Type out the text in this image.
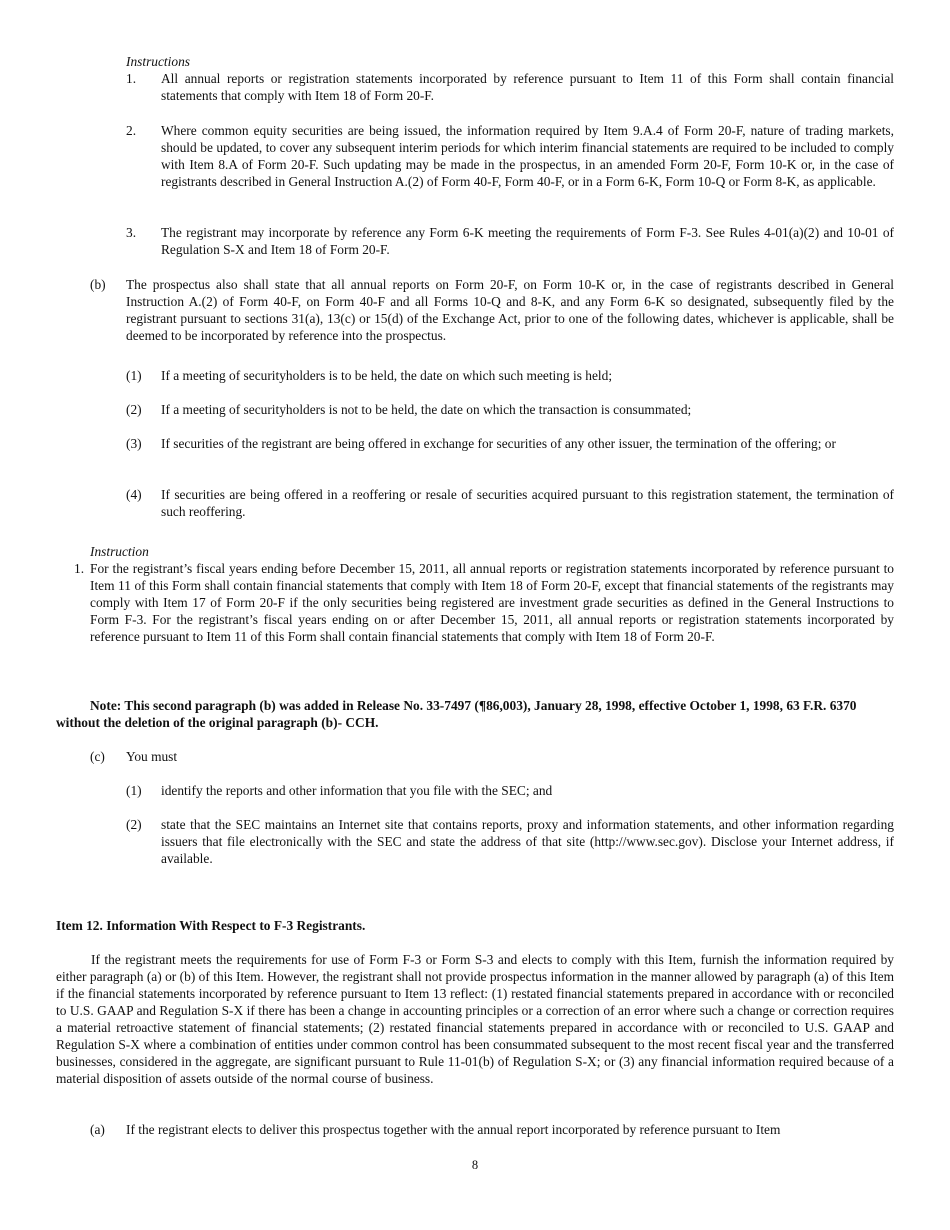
Instructions
1. All annual reports or registration statements incorporated by reference pursuant to Item 11 of this Form shall contain financial statements that comply with Item 18 of Form 20-F.
2. Where common equity securities are being issued, the information required by Item 9.A.4 of Form 20-F, nature of trading markets, should be updated, to cover any subsequent interim periods for which interim financial statements are required to be included to comply with Item 8.A of Form 20-F. Such updating may be made in the prospectus, in an amended Form 20-F, Form 10-K or, in the case of registrants described in General Instruction A.(2) of Form 40-F, Form 40-F, or in a Form 6-K, Form 10-Q or Form 8-K, as applicable.
3. The registrant may incorporate by reference any Form 6-K meeting the requirements of Form F-3. See Rules 4-01(a)(2) and 10-01 of Regulation S-X and Item 18 of Form 20-F.
(b) The prospectus also shall state that all annual reports on Form 20-F, on Form 10-K or, in the case of registrants described in General Instruction A.(2) of Form 40-F, on Form 40-F and all Forms 10-Q and 8-K, and any Form 6-K so designated, subsequently filed by the registrant pursuant to sections 31(a), 13(c) or 15(d) of the Exchange Act, prior to one of the following dates, whichever is applicable, shall be deemed to be incorporated by reference into the prospectus.
(1) If a meeting of securityholders is to be held, the date on which such meeting is held;
(2) If a meeting of securityholders is not to be held, the date on which the transaction is consummated;
(3) If securities of the registrant are being offered in exchange for securities of any other issuer, the termination of the offering; or
(4) If securities are being offered in a reoffering or resale of securities acquired pursuant to this registration statement, the termination of such reoffering.
Instruction
1. For the registrant’s fiscal years ending before December 15, 2011, all annual reports or registration statements incorporated by reference pursuant to Item 11 of this Form shall contain financial statements that comply with Item 18 of Form 20-F, except that financial statements of the registrants may comply with Item 17 of Form 20-F if the only securities being registered are investment grade securities as defined in the General Instructions to Form F-3. For the registrant’s fiscal years ending on or after December 15, 2011, all annual reports or registration statements incorporated by reference pursuant to Item 11 of this Form shall contain financial statements that comply with Item 18 of Form 20-F.
Note: This second paragraph (b) was added in Release No. 33-7497 (¶86,003), January 28, 1998, effective October 1, 1998, 63 F.R. 6370 without the deletion of the original paragraph (b)- CCH.
(c) You must
(1) identify the reports and other information that you file with the SEC; and
(2) state that the SEC maintains an Internet site that contains reports, proxy and information statements, and other information regarding issuers that file electronically with the SEC and state the address of that site (http://www.sec.gov). Disclose your Internet address, if available.
Item 12. Information With Respect to F-3 Registrants.
If the registrant meets the requirements for use of Form F-3 or Form S-3 and elects to comply with this Item, furnish the information required by either paragraph (a) or (b) of this Item. However, the registrant shall not provide prospectus information in the manner allowed by paragraph (a) of this Item if the financial statements incorporated by reference pursuant to Item 13 reflect: (1) restated financial statements prepared in accordance with or reconciled to U.S. GAAP and Regulation S-X if there has been a change in accounting principles or a correction of an error where such a change or correction requires a material retroactive statement of financial statements; (2) restated financial statements prepared in accordance with or reconciled to U.S. GAAP and Regulation S-X where a combination of entities under common control has been consummated subsequent to the most recent fiscal year and the transferred businesses, considered in the aggregate, are significant pursuant to Rule 11-01(b) of Regulation S-X; or (3) any financial information required because of a material disposition of assets outside of the normal course of business.
(a) If the registrant elects to deliver this prospectus together with the annual report incorporated by reference pursuant to Item
8
